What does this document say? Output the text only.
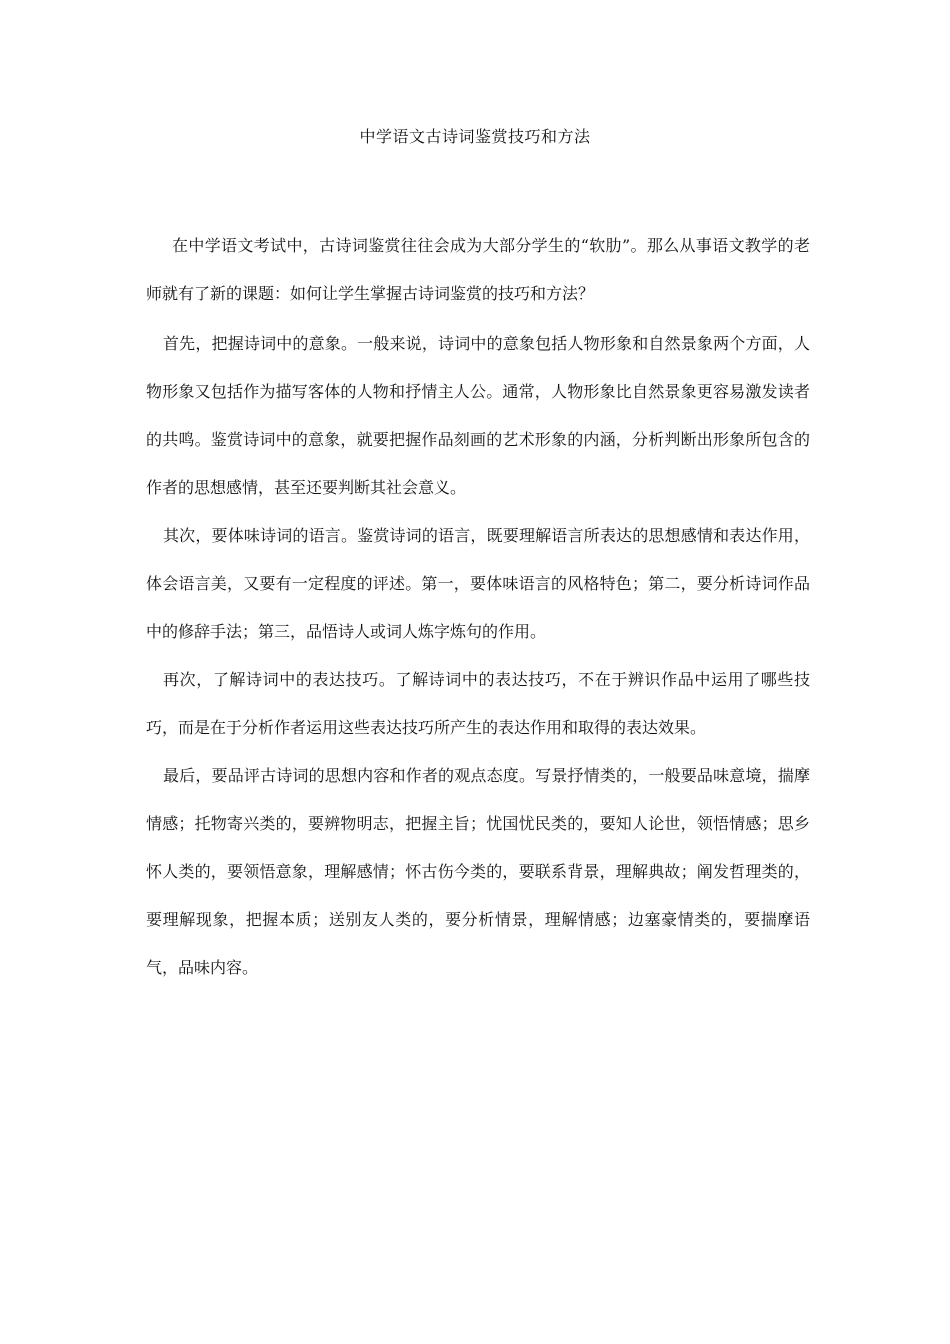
中学语文古诗词鉴赏技巧和方法

在中学语文考试中，古诗词鉴赏往往会成为大部分学生的“软肋”。那么从事语文教学的老师就有了新的课题：如何让学生掌握古诗词鉴赏的技巧和方法？

首先，把握诗词中的意象。一般来说，诗词中的意象包括人物形象和自然景象两个方面，人物形象又包括作为描写客体的人物和抒情主人公。通常，人物形象比自然景象更容易激发读者的共鸣。鉴赏诗词中的意象，就要把握作品刻画的艺术形象的内涵，分析判断出形象所包含的作者的思想感情，甚至还要判断其社会意义。

其次，要体味诗词的语言。鉴赏诗词的语言，既要理解语言所表达的思想感情和表达作用，体会语言美，又要有一定程度的评述。第一，要体味语言的风格特色；第二，要分析诗词作品中的修辞手法；第三，品悟诗人或词人炼字炼句的作用。

再次，了解诗词中的表达技巧。了解诗词中的表达技巧，不在于辨识作品中运用了哪些技巧，而是在于分析作者运用这些表达技巧所产生的表达作用和取得的表达效果。

最后，要品评古诗词的思想内容和作者的观点态度。写景抒情类的，一般要品味意境，揣摩情感；托物寄兴类的，要辨物明志，把握主旨；忧国忧民类的，要知人论世，领悟情感；思乡怀人类的，要领悟意象，理解感情；怀古伤今类的，要联系背景，理解典故；阐发哲理类的，要理解现象，把握本质；送别友人类的，要分析情景，理解情感；边塞豪情类的，要揣摩语气，品味内容。
